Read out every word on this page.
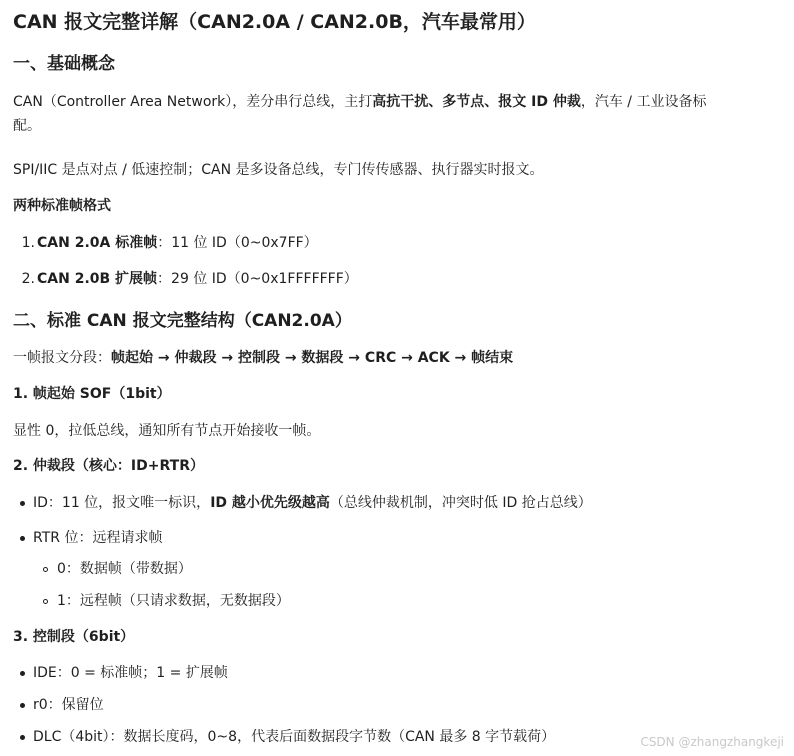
CAN 报文完整详解（CAN2.0A / CAN2.0B，汽车最常用）
一、基础概念

CAN（Controller Area Network），差分串行总线，主打高抗干扰、多节点、报文 ID 仲裁，汽车 / 工业设备标
配。

SPI/IIC 是点对点 / 低速控制；CAN 是多设备总线，专门传传感器、执行器实时报文。

两种标准帧格式
1. CAN 2.0A 标准帧：11 位 ID（0~0x7FF）
2. CAN 2.0B 扩展帧：29 位 ID（0~0x1FFFFFFF）
二、标准 CAN 报文完整结构（CAN2.0A）

一帧报文分段：帧起始 → 仲裁段 → 控制段 → 数据段 → CRC → ACK → 帧结束

1. 帧起始 SOF（1bit）

显性 0，拉低总线，通知所有节点开始接收一帧。

2. 仲裁段（核心：ID+RTR）
ID：11 位，报文唯一标识，ID 越小优先级越高（总线仲裁机制，冲突时低 ID 抢占总线）
RTR 位：远程请求帧
0：数据帧（带数据）
1：远程帧（只请求数据，无数据段）
3. 控制段（6bit）
IDE：0 = 标准帧；1 = 扩展帧
r0：保留位
DLC（4bit）：数据长度码，0~8，代表后面数据段字节数（CAN 最多 8 字节载荷）	CSDN @zhangzhangkeji
